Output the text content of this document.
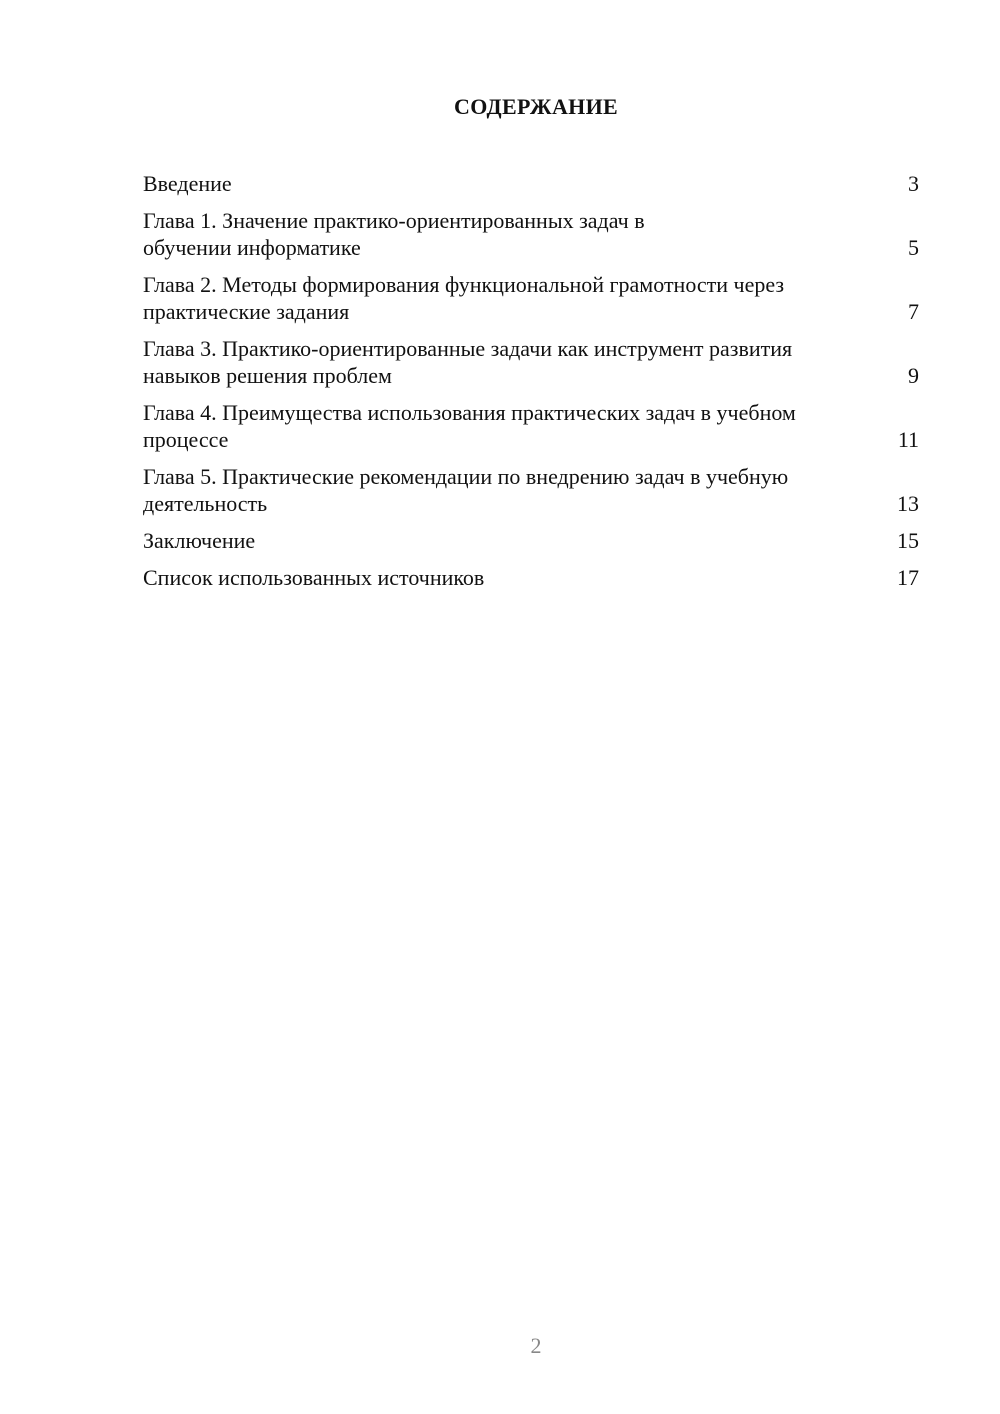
СОДЕРЖАНИЕ
Введение	3
Глава 1. Значение практико-ориентированных задач в обучении информатике	5
Глава 2. Методы формирования функциональной грамотности через практические задания	7
Глава 3. Практико-ориентированные задачи как инструмент развития навыков решения проблем	9
Глава 4. Преимущества использования практических задач в учебном процессе	11
Глава 5. Практические рекомендации по внедрению задач в учебную деятельность	13
Заключение	15
Список использованных источников	17
2
